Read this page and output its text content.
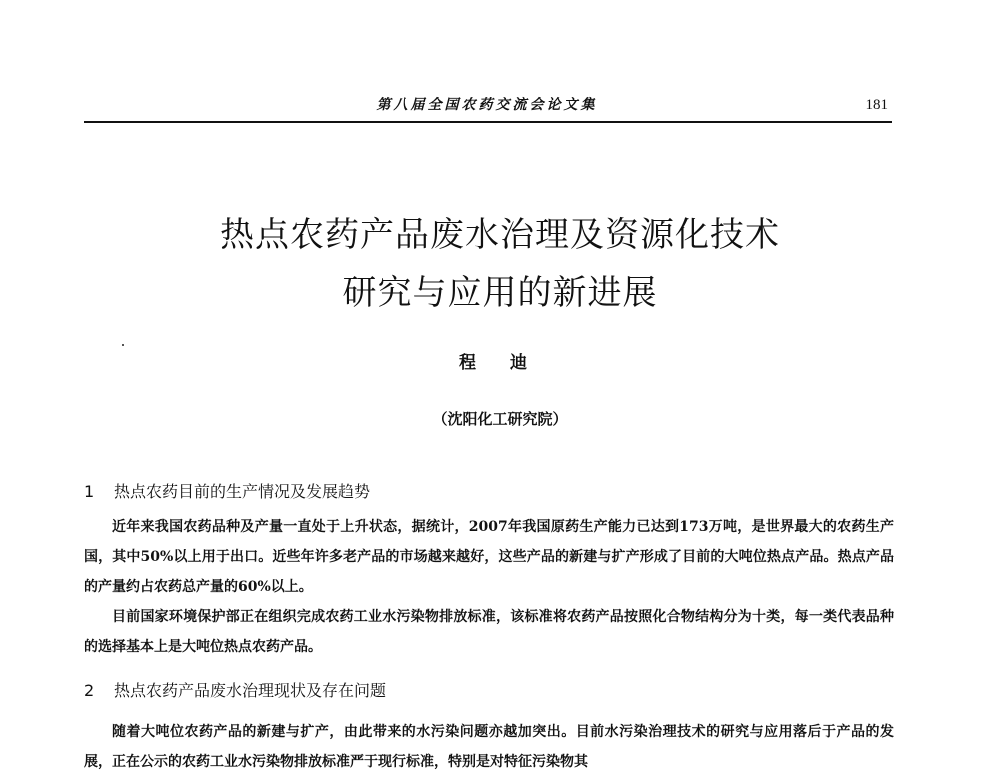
第八届全国农药交流会论文集	181
热点农药产品废水治理及资源化技术
研究与应用的新进展
程 迪
（沈阳化工研究院）
1 热点农药目前的生产情况及发展趋势

近年来我国农药品种及产量一直处于上升状态，据统计，2007年我国原药生产能力已达到173万吨，是世界最大的农药生产国，其中50%以上用于出口。近些年许多老产品的市场越来越好，这些产品的新建与扩产形成了目前的大吨位热点产品。热点产品的产量约占农药总产量的60%以上。

目前国家环境保护部正在组织完成农药工业水污染物排放标准，该标准将农药产品按照化合物结构分为十类，每一类代表品种的选择基本上是大吨位热点农药产品。

2 热点农药产品废水治理现状及存在问题

随着大吨位农药产品的新建与扩产，由此带来的水污染问题亦越加突出。目前水污染治理技术的研究与应用落后于产品的发展，正在公示的农药工业水污染物排放标准严于现行标准，特别是对特征污染物其
